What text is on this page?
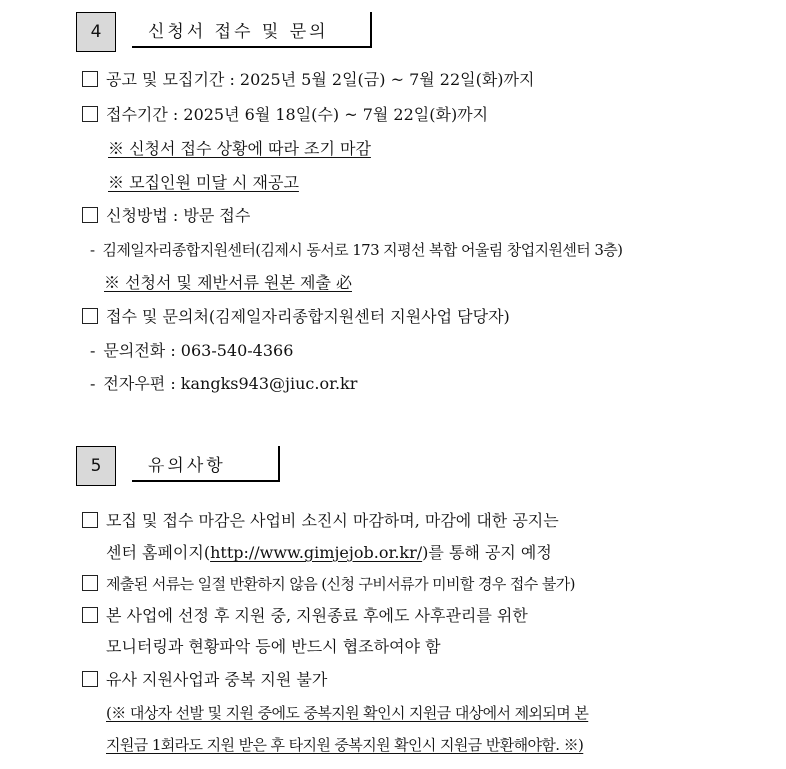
4	신청서 접수 및 문의
공고 및 모집기간 : 2025년 5월 2일(금) ~ 7월 22일(화)까지
접수기간 : 2025년 6월 18일(수) ~ 7월 22일(화)까지
※ 신청서 접수 상황에 따라 조기 마감
※ 모집인원 미달 시 재공고
신청방법 : 방문 접수
- 김제일자리종합지원센터(김제시 동서로 173 지평선 복합 어울림 창업지원센터 3층)
※ 선청서 및 제반서류 원본 제출 必
접수 및 문의처(김제일자리종합지원센터 지원사업 담당자)
- 문의전화 : 063-540-4366
- 전자우편 : kangks943@jiuc.or.kr
5	유의사항
모집 및 접수 마감은 사업비 소진시 마감하며, 마감에 대한 공지는
센터 홈페이지(http://www.gimjejob.or.kr/)를 통해 공지 예정
제출된 서류는 일절 반환하지 않음 (신청 구비서류가 미비할 경우 접수 불가)
본 사업에 선정 후 지원 중, 지원종료 후에도 사후관리를 위한
모니터링과 현황파악 등에 반드시 협조하여야 함
유사 지원사업과 중복 지원 불가
(※ 대상자 선발 및 지원 중에도 중복지원 확인시 지원금 대상에서 제외되며 본
지원금 1회라도 지원 받은 후 타지원 중복지원 확인시 지원금 반환해야함. ※)
